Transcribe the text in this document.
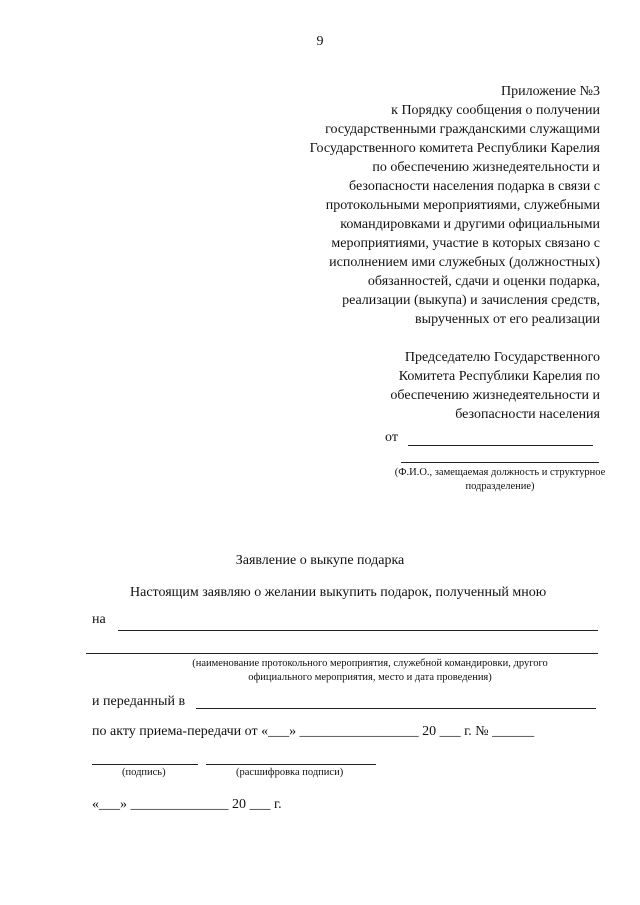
9
Приложение №3
к Порядку сообщения о получении
государственными гражданскими служащими
Государственного комитета Республики Карелия
по обеспечению жизнедеятельности и
безопасности населения подарка в связи с
протокольными мероприятиями, служебными
командировками и другими официальными
мероприятиями, участие в которых связано с
исполнением ими служебных (должностных)
обязанностей, сдачи и оценки подарка,
реализации (выкупа) и зачисления средств,
вырученных от его реализации
Председателю Государственного
Комитета Республики Карелия по
обеспечению жизнедеятельности и
безопасности населения
от
(Ф.И.О., замещаемая должность и структурное подразделение)
Заявление о выкупе подарка
Настоящим заявляю о желании выкупить подарок, полученный мною
на
(наименование протокольного мероприятия, служебной командировки, другого официального мероприятия, место и дата проведения)
и переданный в
по акту приема-передачи от «___» _________________ 20 ___ г. № ______
(подпись)	(расшифровка подписи)
«___» ______________ 20 ___ г.
